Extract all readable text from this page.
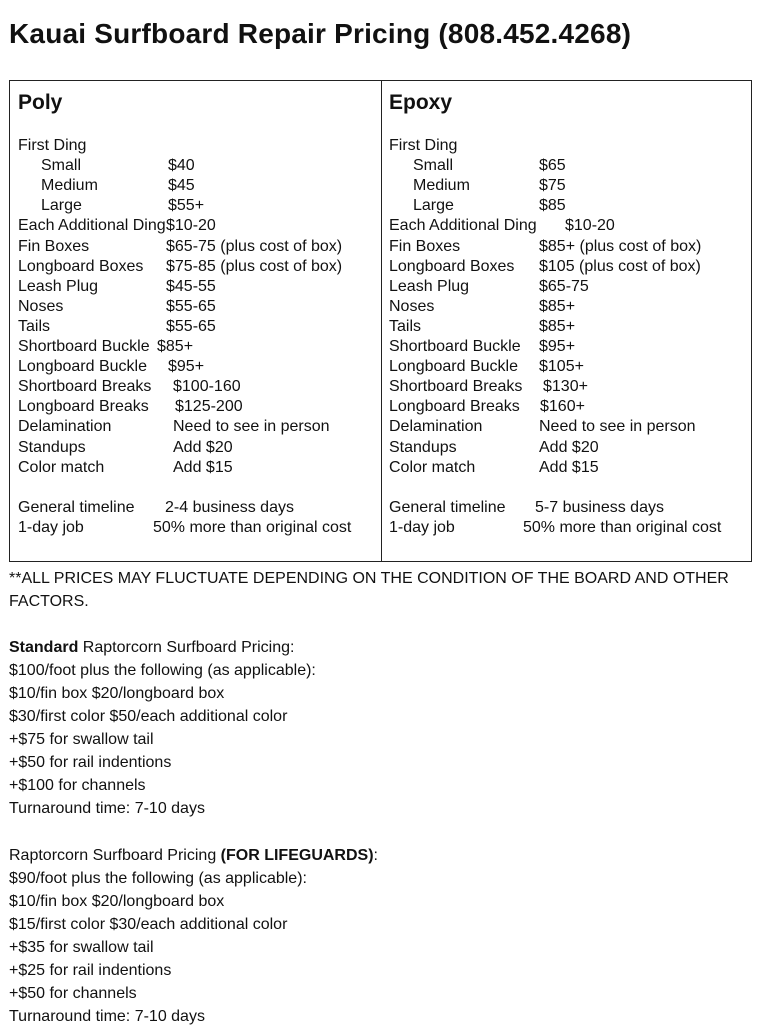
Kauai Surfboard Repair Pricing (808.452.4268)
Poly
First Ding
Small	$40
Medium	$45
Large	$55+
Each Additional Ding $10-20
Fin Boxes	$65-75 (plus cost of box)
Longboard Boxes $75-85 (plus cost of box)
Leash Plug	$45-55
Noses	$55-65
Tails	$55-65
Shortboard Buckle $85+
Longboard Buckle $95+
Shortboard Breaks $100-160
Longboard Breaks $125-200
Delamination	Need to see in person
Standups	Add $20
Color match	Add $15
General timeline 2-4 business days
1-day job	50% more than original cost
Epoxy
First Ding
Small	$65
Medium	$75
Large	$85
Each Additional Ding $10-20
Fin Boxes	$85+ (plus cost of box)
Longboard Boxes $105 (plus cost of box)
Leash Plug	$65-75
Noses	$85+
Tails	$85+
Shortboard Buckle $95+
Longboard Buckle $105+
Shortboard Breaks $130+
Longboard Breaks $160+
Delamination	Need to see in person
Standups	Add $20
Color match	Add $15
General timeline 5-7 business days
1-day job	50% more than original cost
**ALL PRICES MAY FLUCTUATE DEPENDING ON THE CONDITION OF THE BOARD AND OTHER FACTORS.
Standard Raptorcorn Surfboard Pricing:
$100/foot plus the following (as applicable):
$10/fin box $20/longboard box
$30/first color $50/each additional color
+$75 for swallow tail
+$50 for rail indentions
+$100 for channels
Turnaround time: 7-10 days
Raptorcorn Surfboard Pricing (FOR LIFEGUARDS):
$90/foot plus the following (as applicable):
$10/fin box $20/longboard box
$15/first color $30/each additional color
+$35 for swallow tail
+$25 for rail indentions
+$50 for channels
Turnaround time: 7-10 days
